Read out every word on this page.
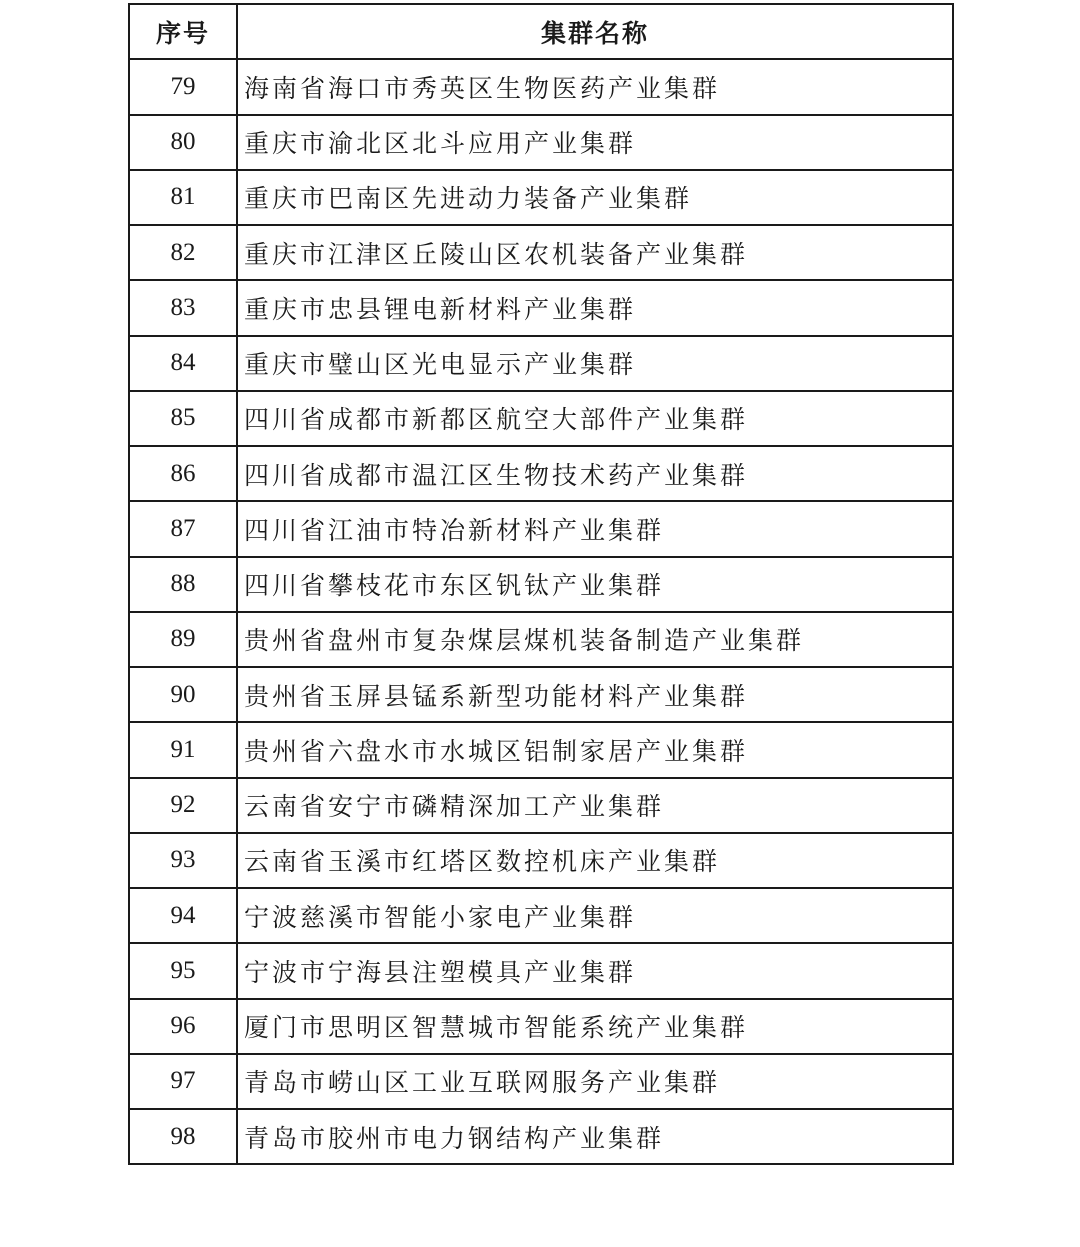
序号	集群名称
79	海南省海口市秀英区生物医药产业集群
80	重庆市渝北区北斗应用产业集群
81	重庆市巴南区先进动力装备产业集群
82	重庆市江津区丘陵山区农机装备产业集群
83	重庆市忠县锂电新材料产业集群
84	重庆市璧山区光电显示产业集群
85	四川省成都市新都区航空大部件产业集群
86	四川省成都市温江区生物技术药产业集群
87	四川省江油市特冶新材料产业集群
88	四川省攀枝花市东区钒钛产业集群
89	贵州省盘州市复杂煤层煤机装备制造产业集群
90	贵州省玉屏县锰系新型功能材料产业集群
91	贵州省六盘水市水城区铝制家居产业集群
92	云南省安宁市磷精深加工产业集群
93	云南省玉溪市红塔区数控机床产业集群
94	宁波慈溪市智能小家电产业集群
95	宁波市宁海县注塑模具产业集群
96	厦门市思明区智慧城市智能系统产业集群
97	青岛市崂山区工业互联网服务产业集群
98	青岛市胶州市电力钢结构产业集群
